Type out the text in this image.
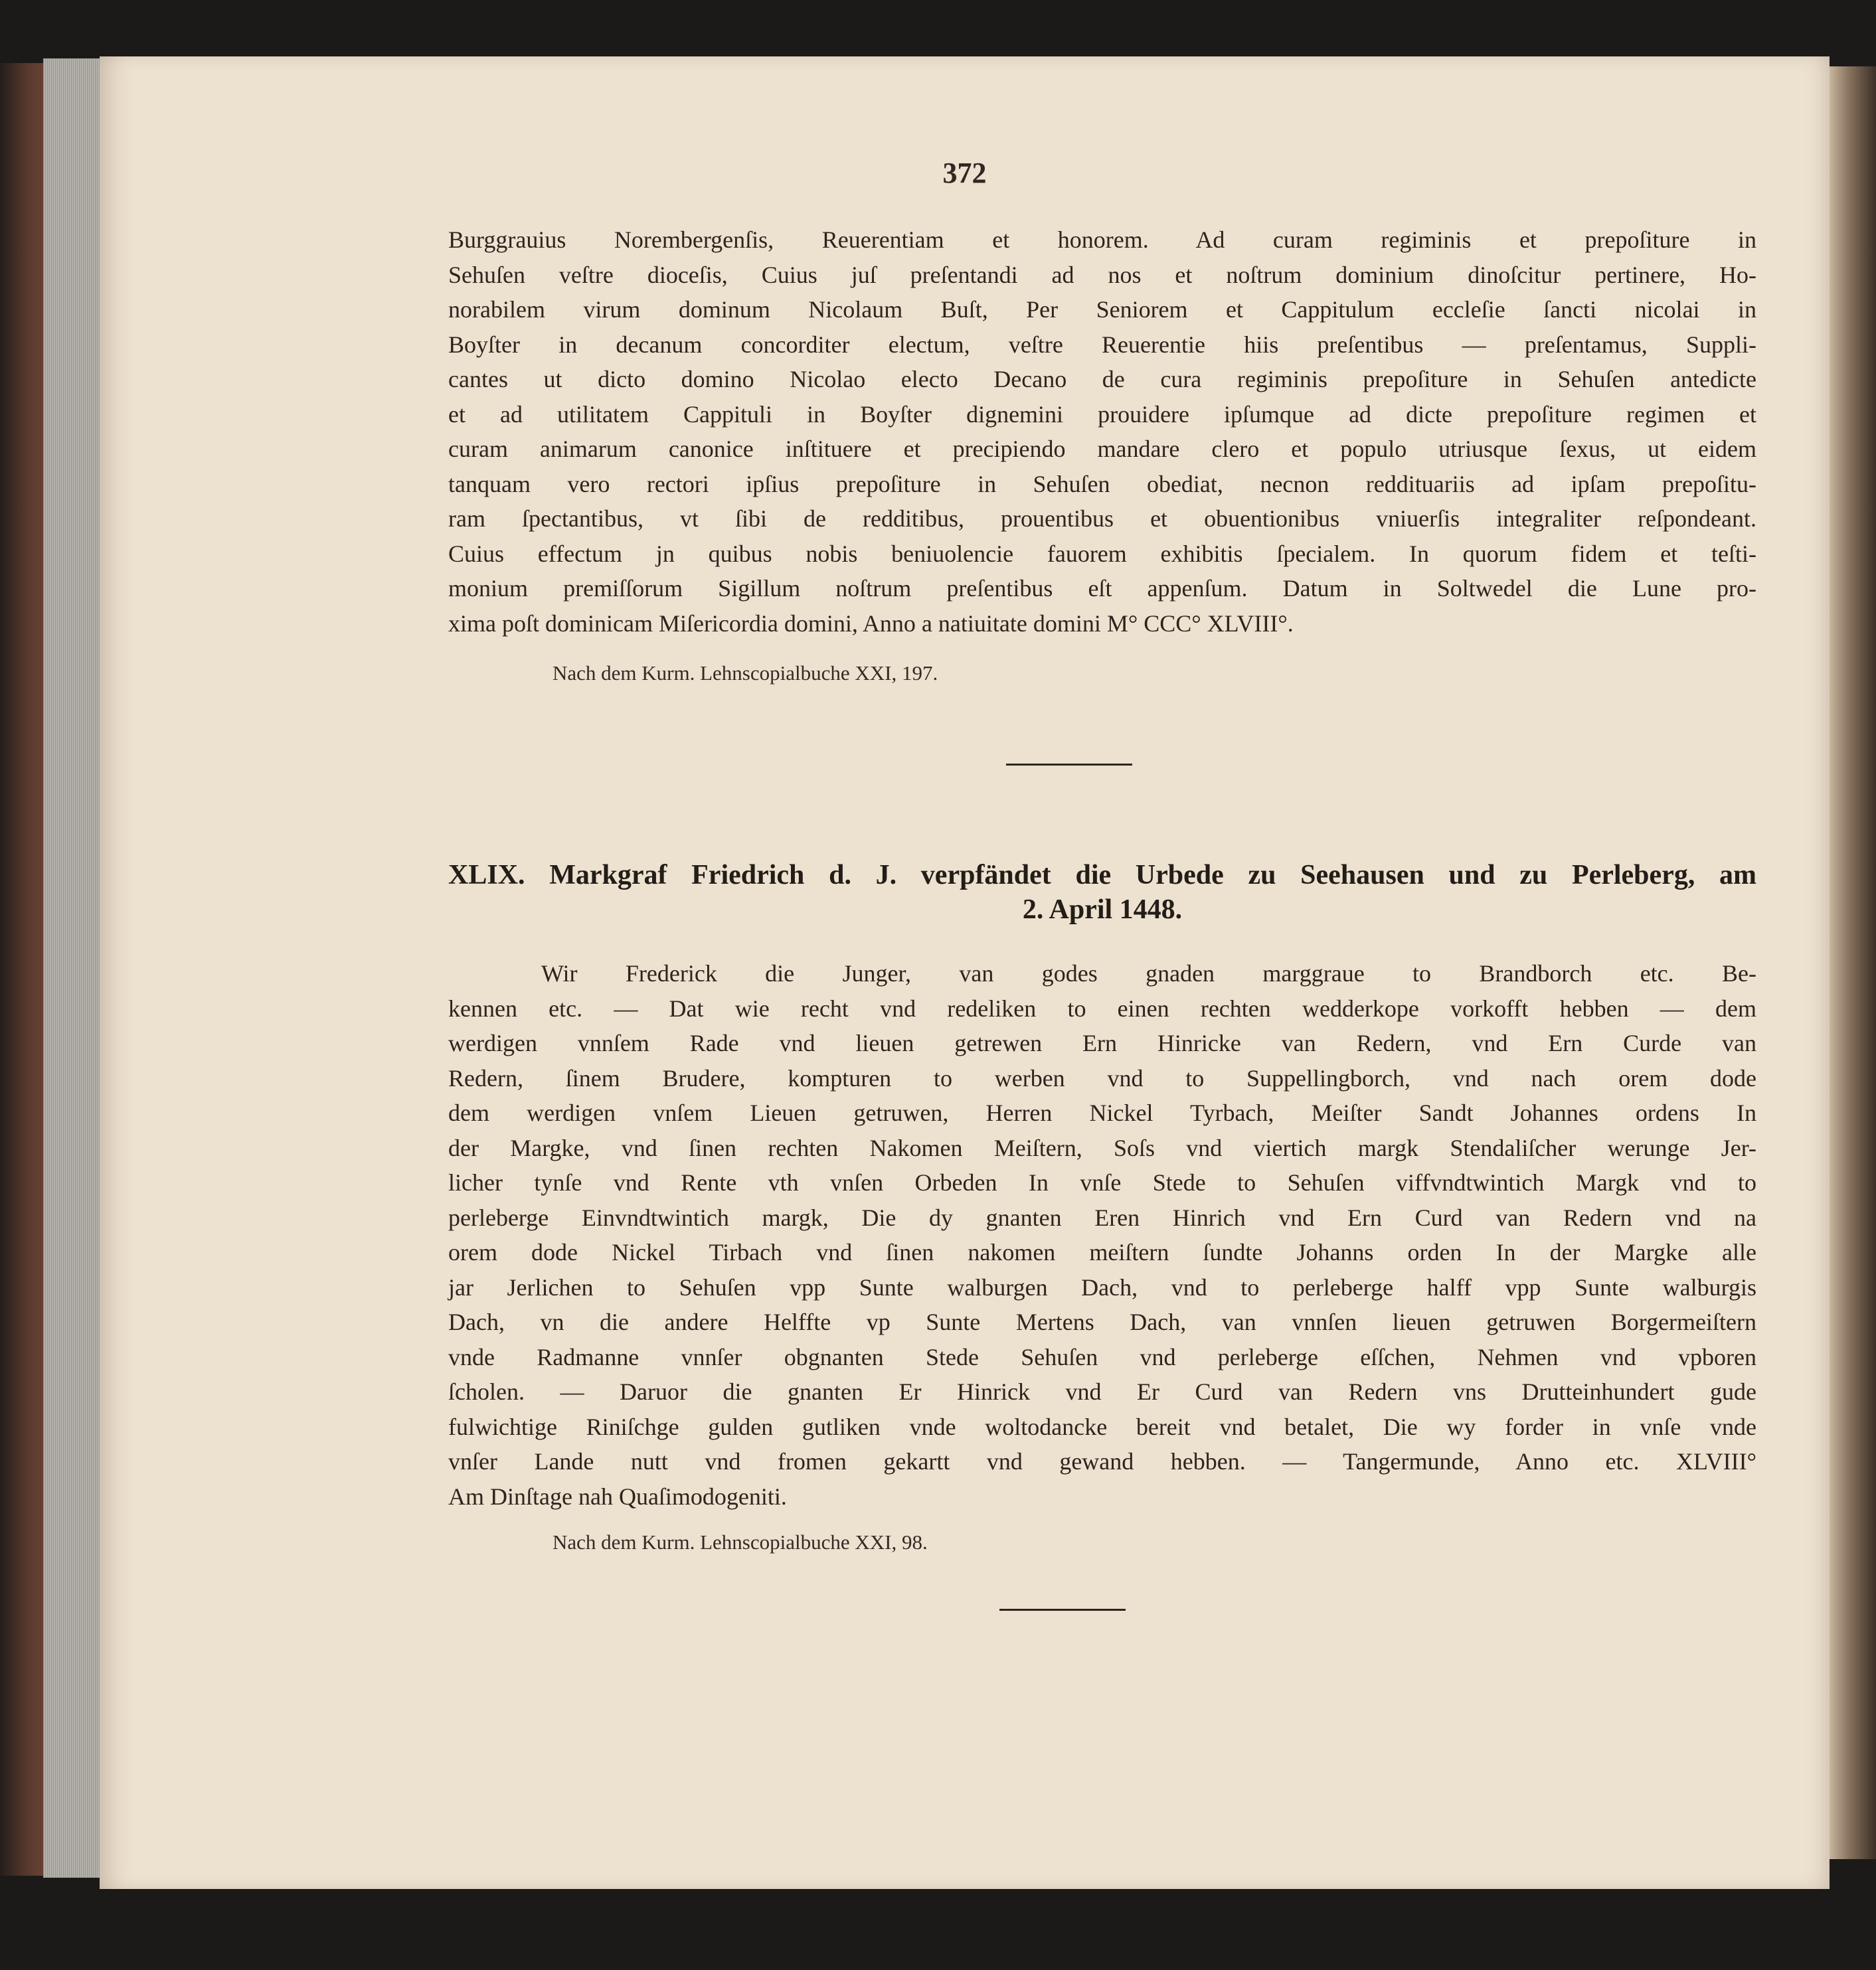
372
Burggrauius Norembergenſis, Reuerentiam et honorem. Ad curam regiminis et prepoſiture in
Sehuſen veſtre dioceſis, Cuius juſ preſentandi ad nos et noſtrum dominium dinoſcitur pertinere, Ho-
norabilem virum dominum Nicolaum Buſt, Per Seniorem et Cappitulum eccleſie ſancti nicolai in
Boyſter in decanum concorditer electum, veſtre Reuerentie hiis preſentibus — preſentamus, Suppli-
cantes ut dicto domino Nicolao electo Decano de cura regiminis prepoſiture in Sehuſen antedicte
et ad utilitatem Cappituli in Boyſter dignemini prouidere ipſumque ad dicte prepoſiture regimen et
curam animarum canonice inſtituere et precipiendo mandare clero et populo utriusque ſexus, ut eidem
tanquam vero rectori ipſius prepoſiture in Sehuſen obediat, necnon reddituariis ad ipſam prepoſitu-
ram ſpectantibus, vt ſibi de redditibus, prouentibus et obuentionibus vniuerſis integraliter reſpondeant.
Cuius effectum jn quibus nobis beniuolencie fauorem exhibitis ſpecialem. In quorum fidem et teſti-
monium premiſſorum Sigillum noſtrum preſentibus eſt appenſum. Datum in Soltwedel die Lune pro-
xima poſt dominicam Miſericordia domini, Anno a natiuitate domini M° CCC° XLVIII°.
Nach dem Kurm. Lehnscopialbuche XXI, 197.
XLIX. Markgraf Friedrich d. J. verpfändet die Urbede zu Seehausen und zu Perleberg, am
2. April 1448.
Wir Frederick die Junger, van godes gnaden marggraue to Brandborch etc. Be-
kennen etc. — Dat wie recht vnd redeliken to einen rechten wedderkope vorkofft hebben — dem
werdigen vnnſem Rade vnd lieuen getrewen Ern Hinricke van Redern, vnd Ern Curde van
Redern, ſinem Brudere, kompturen to werben vnd to Suppellingborch, vnd nach orem dode
dem werdigen vnſem Lieuen getruwen, Herren Nickel Tyrbach, Meiſter Sandt Johannes ordens In
der Margke, vnd ſinen rechten Nakomen Meiſtern, Soſs vnd viertich margk Stendaliſcher werunge Jer-
licher tynſe vnd Rente vth vnſen Orbeden In vnſe Stede to Sehuſen viffvndtwintich Margk vnd to
perleberge Einvndtwintich margk, Die dy gnanten Eren Hinrich vnd Ern Curd van Redern vnd na
orem dode Nickel Tirbach vnd ſinen nakomen meiſtern ſundte Johanns orden In der Margke alle
jar Jerlichen to Sehuſen vpp Sunte walburgen Dach, vnd to perleberge halff vpp Sunte walburgis
Dach, vn die andere Helffte vp Sunte Mertens Dach, van vnnſen lieuen getruwen Borgermeiſtern
vnde Radmanne vnnſer obgnanten Stede Sehuſen vnd perleberge eſſchen, Nehmen vnd vpboren
ſcholen. — Daruor die gnanten Er Hinrick vnd Er Curd van Redern vns Drutteinhundert gude
fulwichtige Riniſchge gulden gutliken vnde woltodancke bereit vnd betalet, Die wy forder in vnſe vnde
vnſer Lande nutt vnd fromen gekartt vnd gewand hebben. — Tangermunde, Anno etc. XLVIII°
Am Dinſtage nah Quaſimodogeniti.
Nach dem Kurm. Lehnscopialbuche XXI, 98.
